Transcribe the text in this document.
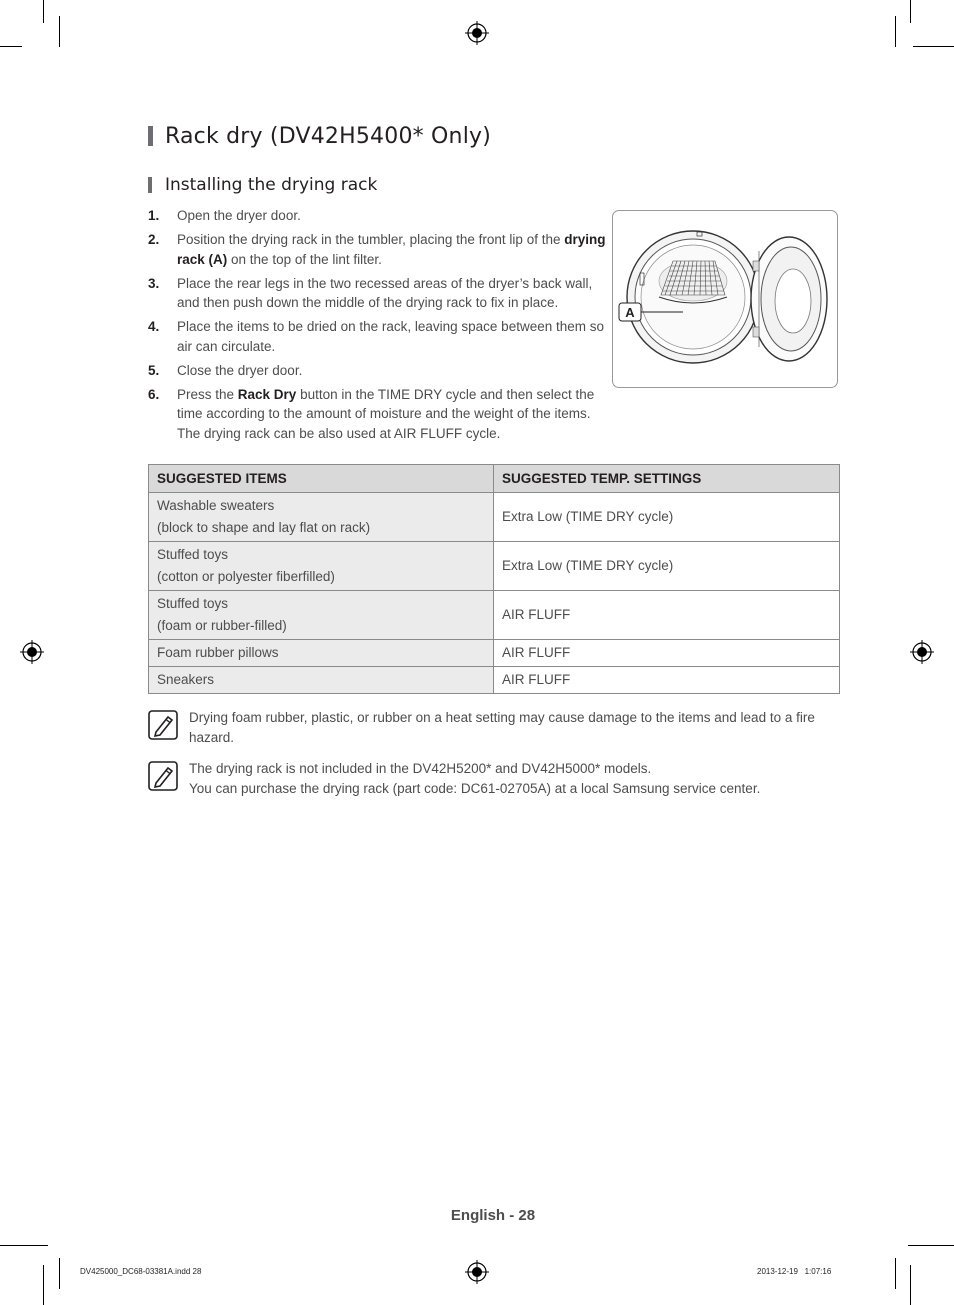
Rack dry (DV42H5400* Only)
Installing the drying rack
1.	Open the dryer door.
2.	Position the drying rack in the tumbler, placing the front lip of the drying rack (A) on the top of the lint filter.
3.	Place the rear legs in the two recessed areas of the dryer’s back wall, and then push down the middle of the drying rack to fix in place.
4.	Place the items to be dried on the rack, leaving space between them so air can circulate.
5.	Close the dryer door.
6.	Press the Rack Dry button in the TIME DRY cycle and then select the time according to the amount of moisture and the weight of the items. The drying rack can be also used at AIR FLUFF cycle.
A
SUGGESTED ITEMS	SUGGESTED TEMP. SETTINGS

Washable sweaters
(block to shape and lay flat on rack)	Extra Low (TIME DRY cycle)

Stuffed toys
(cotton or polyester fiberfilled)	Extra Low (TIME DRY cycle)

Stuffed toys
(foam or rubber-filled)	AIR FLUFF
Foam rubber pillows	AIR FLUFF
Sneakers	AIR FLUFF
Drying foam rubber, plastic, or rubber on a heat setting may cause damage to the items and lead to a fire hazard.
The drying rack is not included in the DV42H5200* and DV42H5000* models.
You can purchase the drying rack (part code: DC61-02705A) at a local Samsung service center.
English - 28
DV425000_DC68-03381A.indd 28	2013-12-19   1:07:16
